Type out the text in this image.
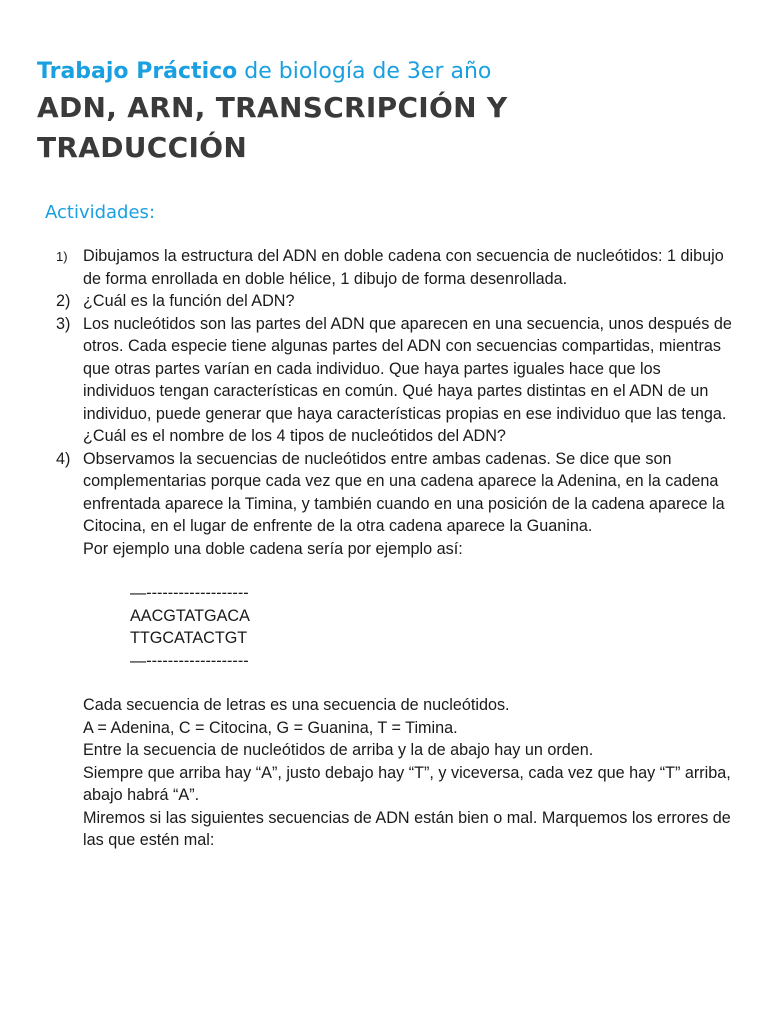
Trabajo Práctico de biología de 3er año
ADN, ARN, TRANSCRIPCIÓN Y
TRADUCCIÓN
Actividades:
1) Dibujamos la estructura del ADN en doble cadena con secuencia de nucleótidos: 1 dibujo de forma enrollada en doble hélice, 1 dibujo de forma desenrollada.

2) ¿Cuál es la función del ADN?

3) Los nucleótidos son las partes del ADN que aparecen en una secuencia, unos después de otros. Cada especie tiene algunas partes del ADN con secuencias compartidas, mientras que otras partes varían en cada individuo. Que haya partes iguales hace que los individuos tengan características en común. Qué haya partes distintas en el ADN de un individuo, puede generar que haya características propias en ese individuo que las tenga.

¿Cuál es el nombre de los 4 tipos de nucleótidos del ADN?

4) Observamos la secuencias de nucleótidos entre ambas cadenas. Se dice que son complementarias porque cada vez que en una cadena aparece la Adenina, en la cadena enfrentada aparece la Timina, y también cuando en una posición de la cadena aparece la Citocina, en el lugar de enfrente de la otra cadena aparece la Guanina.

Por ejemplo una doble cadena sería por ejemplo así:

—-------------------
AACGTATGACA
TTGCATACTGT
—-------------------

Cada secuencia de letras es una secuencia de nucleótidos.

A = Adenina, C = Citocina, G = Guanina, T = Timina.

Entre la secuencia de nucleótidos de arriba y la de abajo hay un orden.

Siempre que arriba hay “A”, justo debajo hay “T”, y viceversa, cada vez que hay “T” arriba, abajo habrá “A”.

Miremos si las siguientes secuencias de ADN están bien o mal. Marquemos los errores de las que estén mal:
